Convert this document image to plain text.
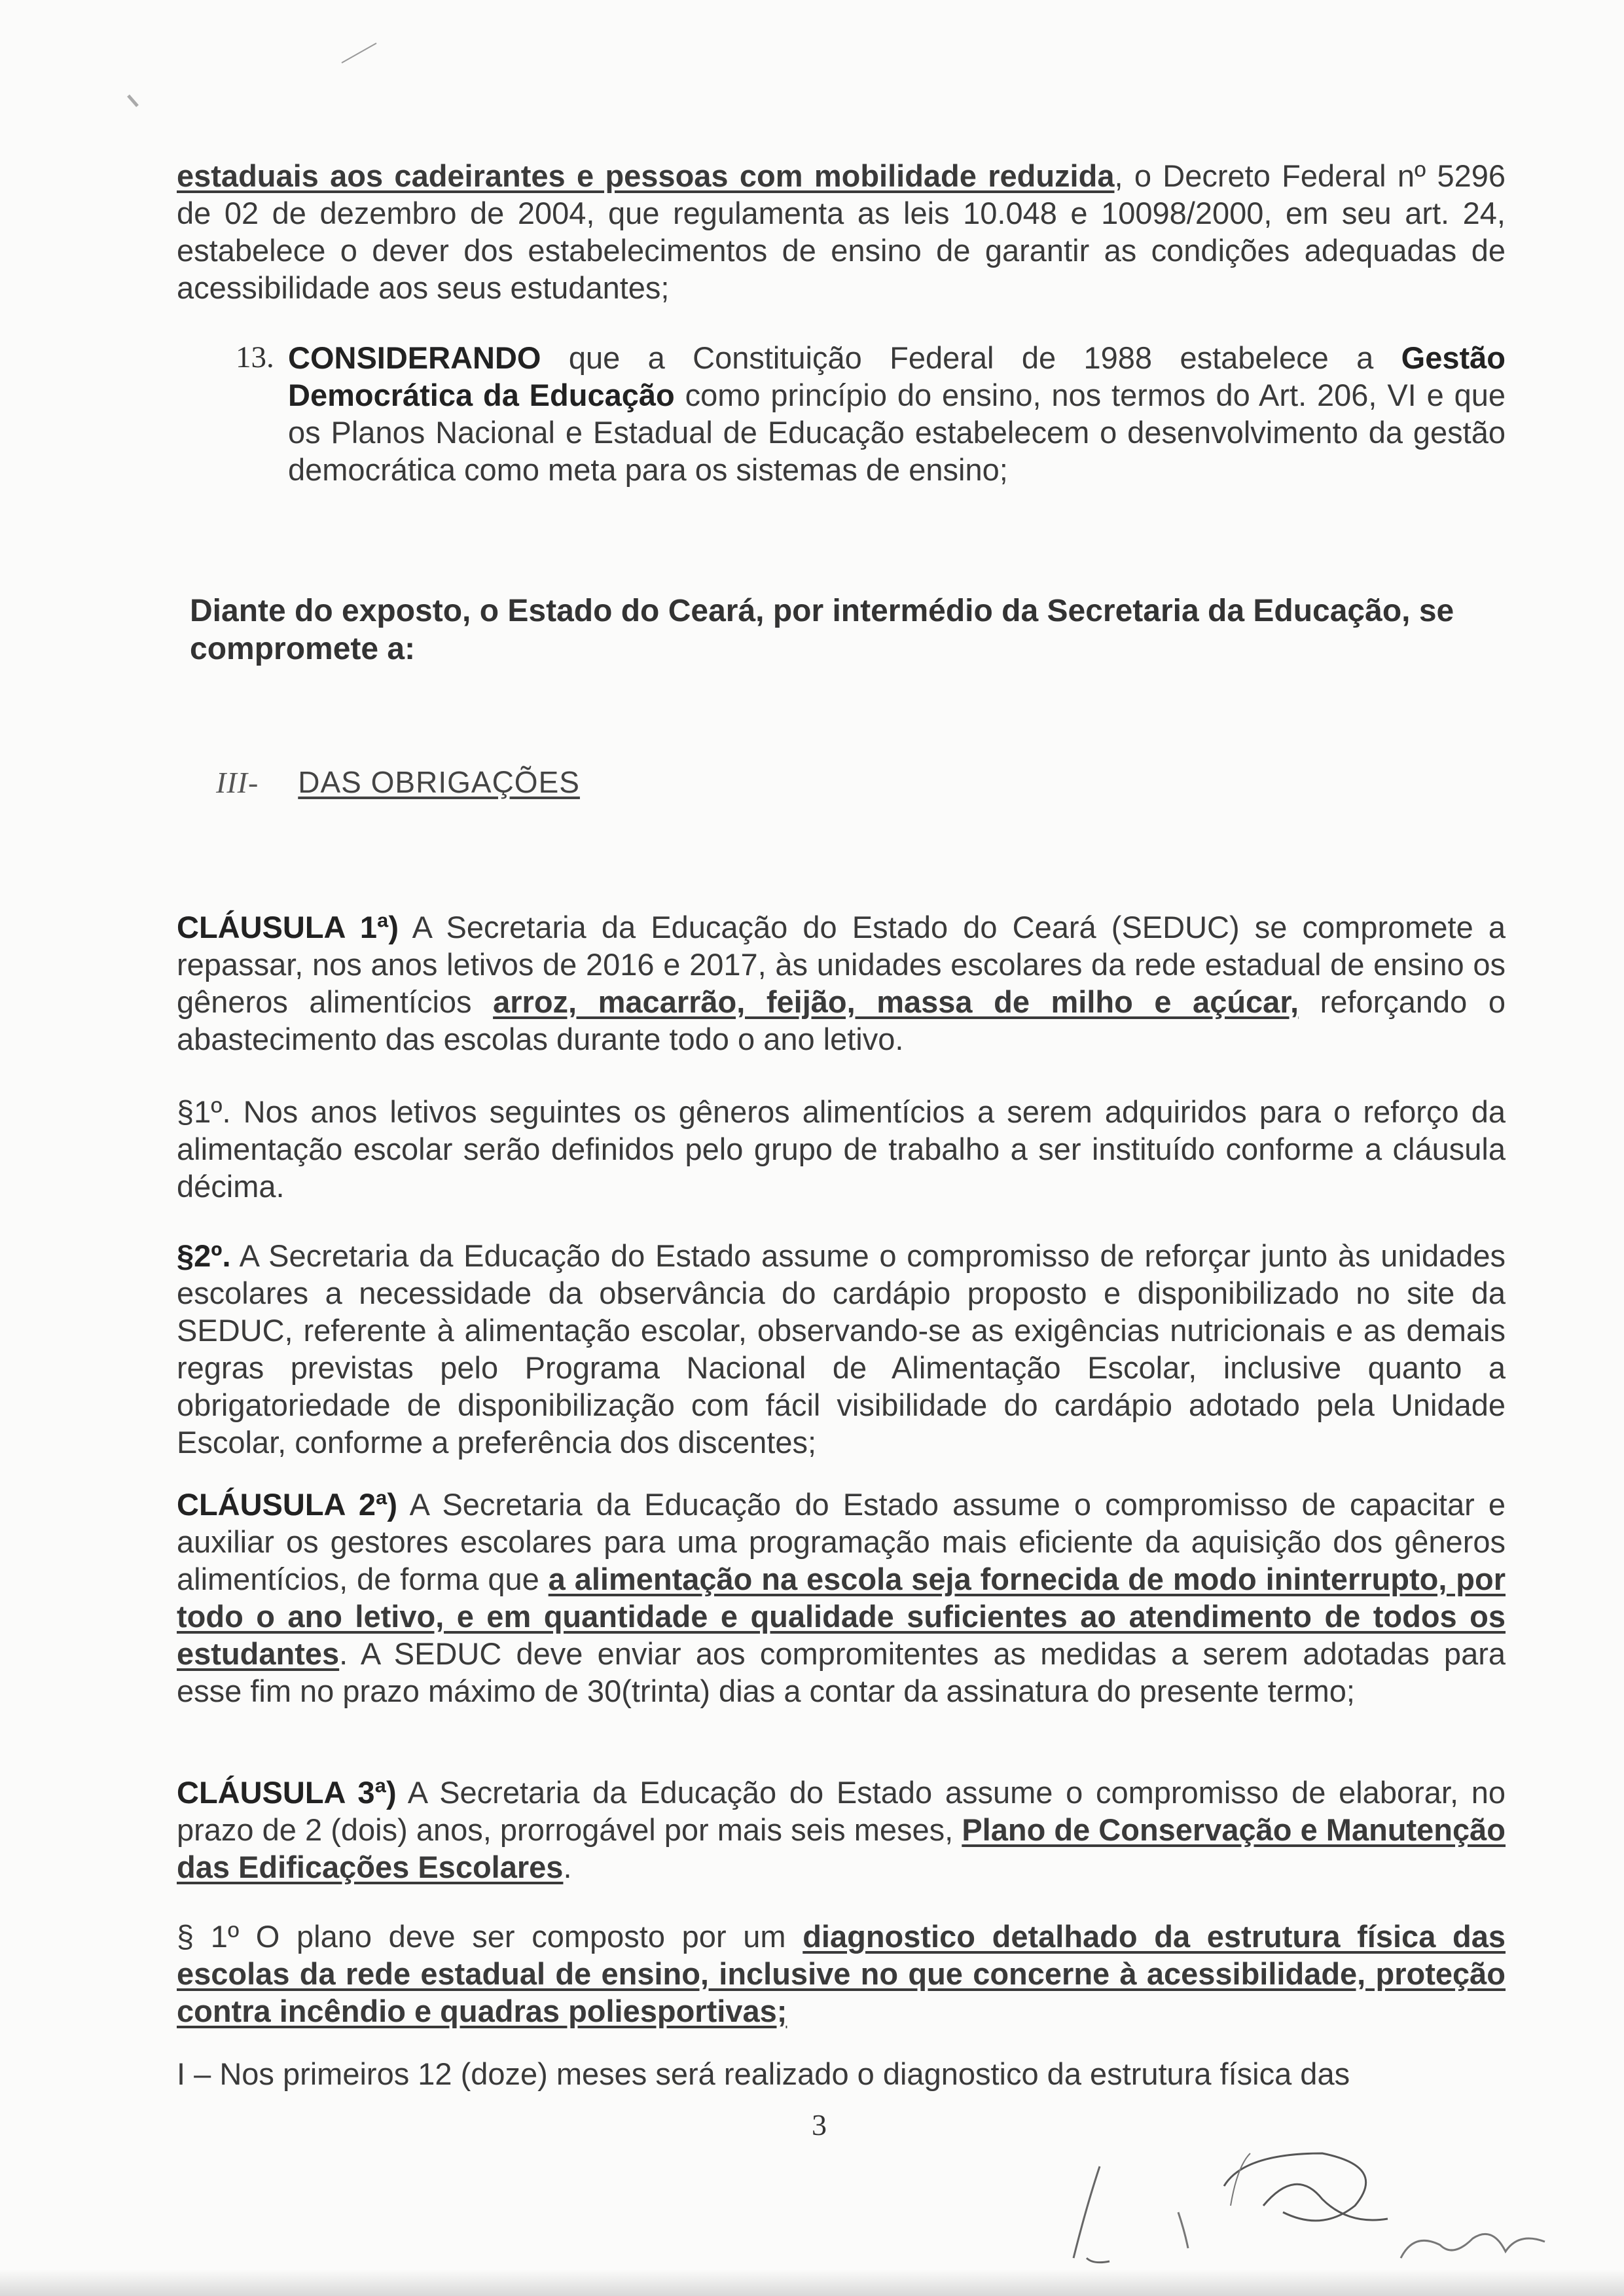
estaduais aos cadeirantes e pessoas com mobilidade reduzida, o Decreto Federal nº 5296 de 02 de dezembro de 2004, que regulamenta as leis 10.048 e 10098/2000, em seu art. 24, estabelece o dever dos estabelecimentos de ensino de garantir as condições adequadas de acessibilidade aos seus estudantes;
13. CONSIDERANDO que a Constituição Federal de 1988 estabelece a Gestão Democrática da Educação como princípio do ensino, nos termos do Art. 206, VI e que os Planos Nacional e Estadual de Educação estabelecem o desenvolvimento da gestão democrática como meta para os sistemas de ensino;
Diante do exposto, o Estado do Ceará, por intermédio da Secretaria da Educação, se compromete a:
III- DAS OBRIGAÇÕES
CLÁUSULA 1ª) A Secretaria da Educação do Estado do Ceará (SEDUC) se compromete a repassar, nos anos letivos de 2016 e 2017, às unidades escolares da rede estadual de ensino os gêneros alimentícios arroz, macarrão, feijão, massa de milho e açúcar, reforçando o abastecimento das escolas durante todo o ano letivo.
§1º. Nos anos letivos seguintes os gêneros alimentícios a serem adquiridos para o reforço da alimentação escolar serão definidos pelo grupo de trabalho a ser instituído conforme a cláusula décima.
§2º. A Secretaria da Educação do Estado assume o compromisso de reforçar junto às unidades escolares a necessidade da observância do cardápio proposto e disponibilizado no site da SEDUC, referente à alimentação escolar, observando-se as exigências nutricionais e as demais regras previstas pelo Programa Nacional de Alimentação Escolar, inclusive quanto a obrigatoriedade de disponibilização com fácil visibilidade do cardápio adotado pela Unidade Escolar, conforme a preferência dos discentes;
CLÁUSULA 2ª) A Secretaria da Educação do Estado assume o compromisso de capacitar e auxiliar os gestores escolares para uma programação mais eficiente da aquisição dos gêneros alimentícios, de forma que a alimentação na escola seja fornecida de modo ininterrupto, por todo o ano letivo, e em quantidade e qualidade suficientes ao atendimento de todos os estudantes. A SEDUC deve enviar aos compromitentes as medidas a serem adotadas para esse fim no prazo máximo de 30(trinta) dias a contar da assinatura do presente termo;
CLÁUSULA 3ª) A Secretaria da Educação do Estado assume o compromisso de elaborar, no prazo de 2 (dois) anos, prorrogável por mais seis meses, Plano de Conservação e Manutenção das Edificações Escolares.
§ 1º O plano deve ser composto por um diagnostico detalhado da estrutura física das escolas da rede estadual de ensino, inclusive no que concerne à acessibilidade, proteção contra incêndio e quadras poliesportivas;
I – Nos primeiros 12 (doze) meses será realizado o diagnostico da estrutura física das
3
